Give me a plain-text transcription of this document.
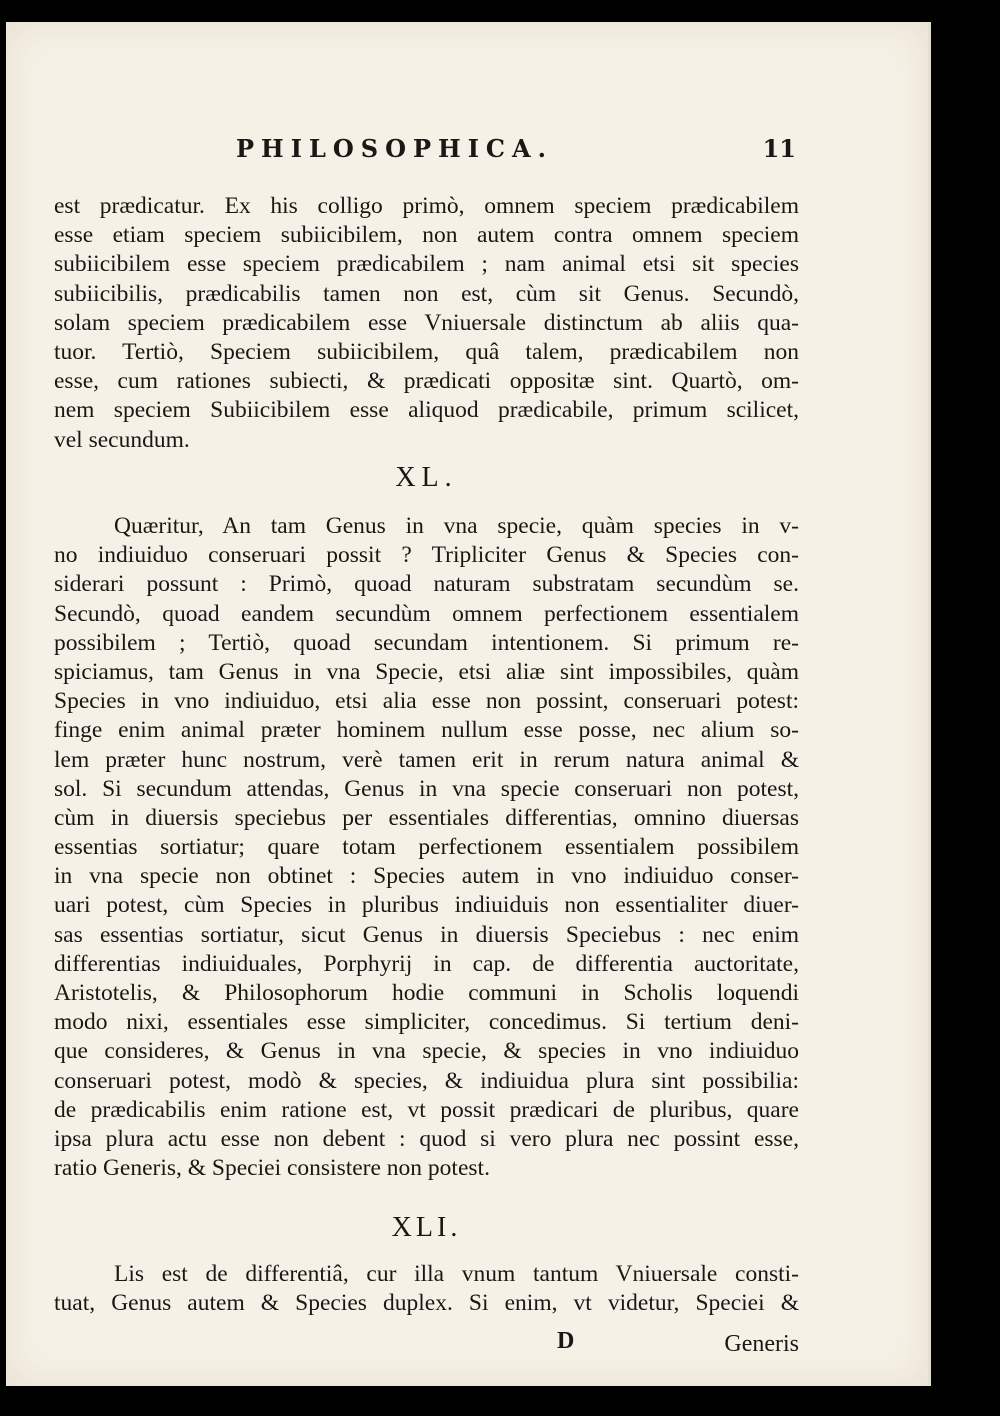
PHILOSOPHICA.	11
est prædicatur. Ex his colligo primò, omnem speciem prædicabilem
esse etiam speciem subiicibilem, non autem contra omnem speciem
subiicibilem esse speciem prædicabilem ; nam animal etsi sit species
subiicibilis, prædicabilis tamen non est, cùm sit Genus. Secundò,
solam speciem prædicabilem esse Vniuersale distinctum ab aliis qua-
tuor. Tertiò, Speciem subiicibilem, quâ talem, prædicabilem non
esse, cum rationes subiecti, & prædicati oppositæ sint. Quartò, om-
nem speciem Subiicibilem esse aliquod prædicabile, primum scilicet,
vel secundum.
XL.
Quæritur, An tam Genus in vna specie, quàm species in v-
no indiuiduo conseruari possit ? Tripliciter Genus & Species con-
siderari possunt : Primò, quoad naturam substratam secundùm se.
Secundò, quoad eandem secundùm omnem perfectionem essentialem
possibilem ; Tertiò, quoad secundam intentionem. Si primum re-
spiciamus, tam Genus in vna Specie, etsi aliæ sint impossibiles, quàm
Species in vno indiuiduo, etsi alia esse non possint, conseruari potest:
finge enim animal præter hominem nullum esse posse, nec alium so-
lem præter hunc nostrum, verè tamen erit in rerum natura animal &
sol. Si secundum attendas, Genus in vna specie conseruari non potest,
cùm in diuersis speciebus per essentiales differentias, omnino diuersas
essentias sortiatur; quare totam perfectionem essentialem possibilem
in vna specie non obtinet : Species autem in vno indiuiduo conser-
uari potest, cùm Species in pluribus indiuiduis non essentialiter diuer-
sas essentias sortiatur, sicut Genus in diuersis Speciebus : nec enim
differentias indiuiduales, Porphyrij in cap. de differentia auctoritate,
Aristotelis, & Philosophorum hodie communi in Scholis loquendi
modo nixi, essentiales esse simpliciter, concedimus. Si tertium deni-
que consideres, & Genus in vna specie, & species in vno indiuiduo
conseruari potest, modò & species, & indiuidua plura sint possibilia:
de prædicabilis enim ratione est, vt possit prædicari de pluribus, quare
ipsa plura actu esse non debent : quod si vero plura nec possint esse,
ratio Generis, & Speciei consistere non potest.
XLI.
Lis est de differentiâ, cur illa vnum tantum Vniuersale consti-
tuat, Genus autem & Species duplex. Si enim, vt videtur, Speciei &
D	Generis
